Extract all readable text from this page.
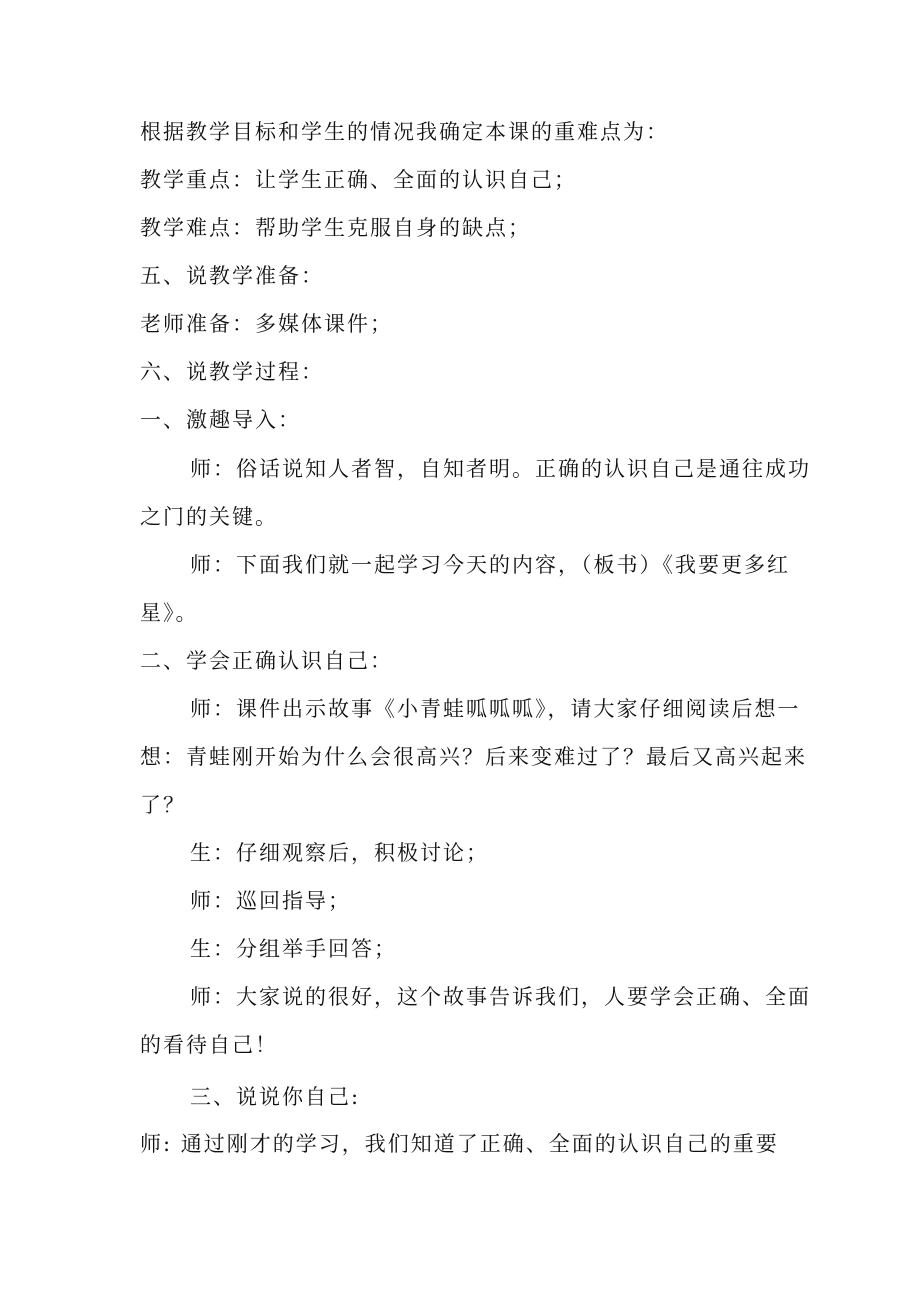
根据教学目标和学生的情况我确定本课的重难点为：
教学重点：让学生正确、全面的认识自己；
教学难点：帮助学生克服自身的缺点；
五、说教学准备：
老师准备：多媒体课件；
六、说教学过程：
一、激趣导入：
师：俗话说知人者智，自知者明。正确的认识自己是通往成功
之门的关键。
师：下面我们就一起学习今天的内容，（板书）《我要更多红
星》。
二、学会正确认识自己：
师：课件出示故事《小青蛙呱呱呱》，请大家仔细阅读后想一
想：青蛙刚开始为什么会很高兴？后来变难过了？最后又高兴起来
了？
生：仔细观察后，积极讨论；
师：巡回指导；
生：分组举手回答；
师：大家说的很好，这个故事告诉我们，人要学会正确、全面
的看待自己！
三、说说你自己:
师: 通过刚才的学习，我们知道了正确、全面的认识自己的重要
